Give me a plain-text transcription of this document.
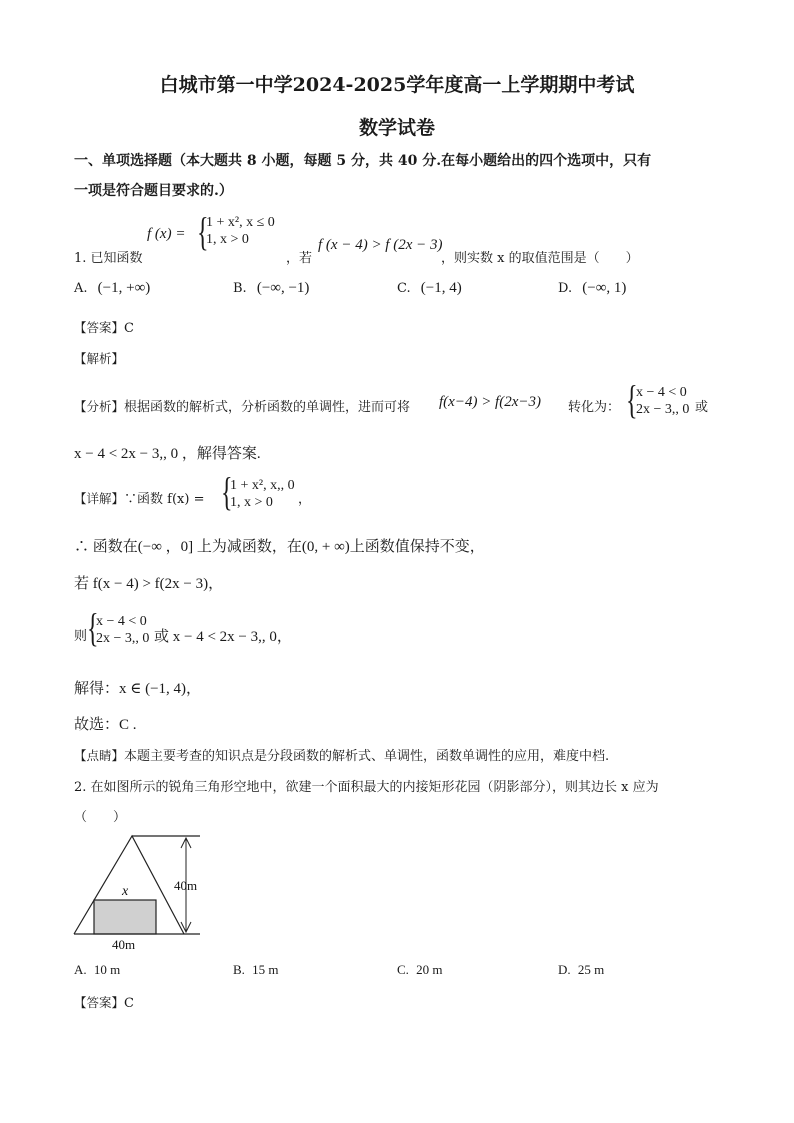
白城市第一中学2024-2025学年度高一上学期期中考试
数学试卷
一、单项选择题（本大题共 8 小题，每题 5 分，共 40 分.在每小题给出的四个选项中，只有
一项是符合题目要求的.）
1. 已知函数
f (x) = {
1 + x², x ≤ 0
1, x > 0
，若
f (x − 4) > f (2x − 3)
，则实数 x 的取值范围是（　　）
A. (−1, +∞)	B. (−∞, −1)	C. (−1, 4)	D. (−∞, 1)
【答案】C
【解析】
【分析】根据函数的解析式，分析函数的单调性，进而可将 f(x−4) > f(2x−3) 转化为： {
x − 4 < 0
2x − 3,, 0 或
x − 4 < 2x − 3,, 0 ，解得答案.
【详解】∵函数 f(x) = {
1 + x², x,, 0
1, x > 0	，
∴ 函数在(−∞ ，0] 上为减函数，在(0, + ∞)上函数值保持不变，
若 f(x − 4) > f(2x − 3)，
则 {
x − 4 < 0
2x − 3,, 0 或 x − 4 < 2x − 3,, 0，
解得：x ∈ (−1, 4)，
故选：C .
【点睛】本题主要考查的知识点是分段函数的解析式、单调性，函数单调性的应用，难度中档.
2. 在如图所示的锐角三角形空地中，欲建一个面积最大的内接矩形花园（阴影部分），则其边长 x 应为
（　　）
x	40m
40m
A. 10 m	B. 15 m	C. 20 m	D. 25 m
【答案】C
